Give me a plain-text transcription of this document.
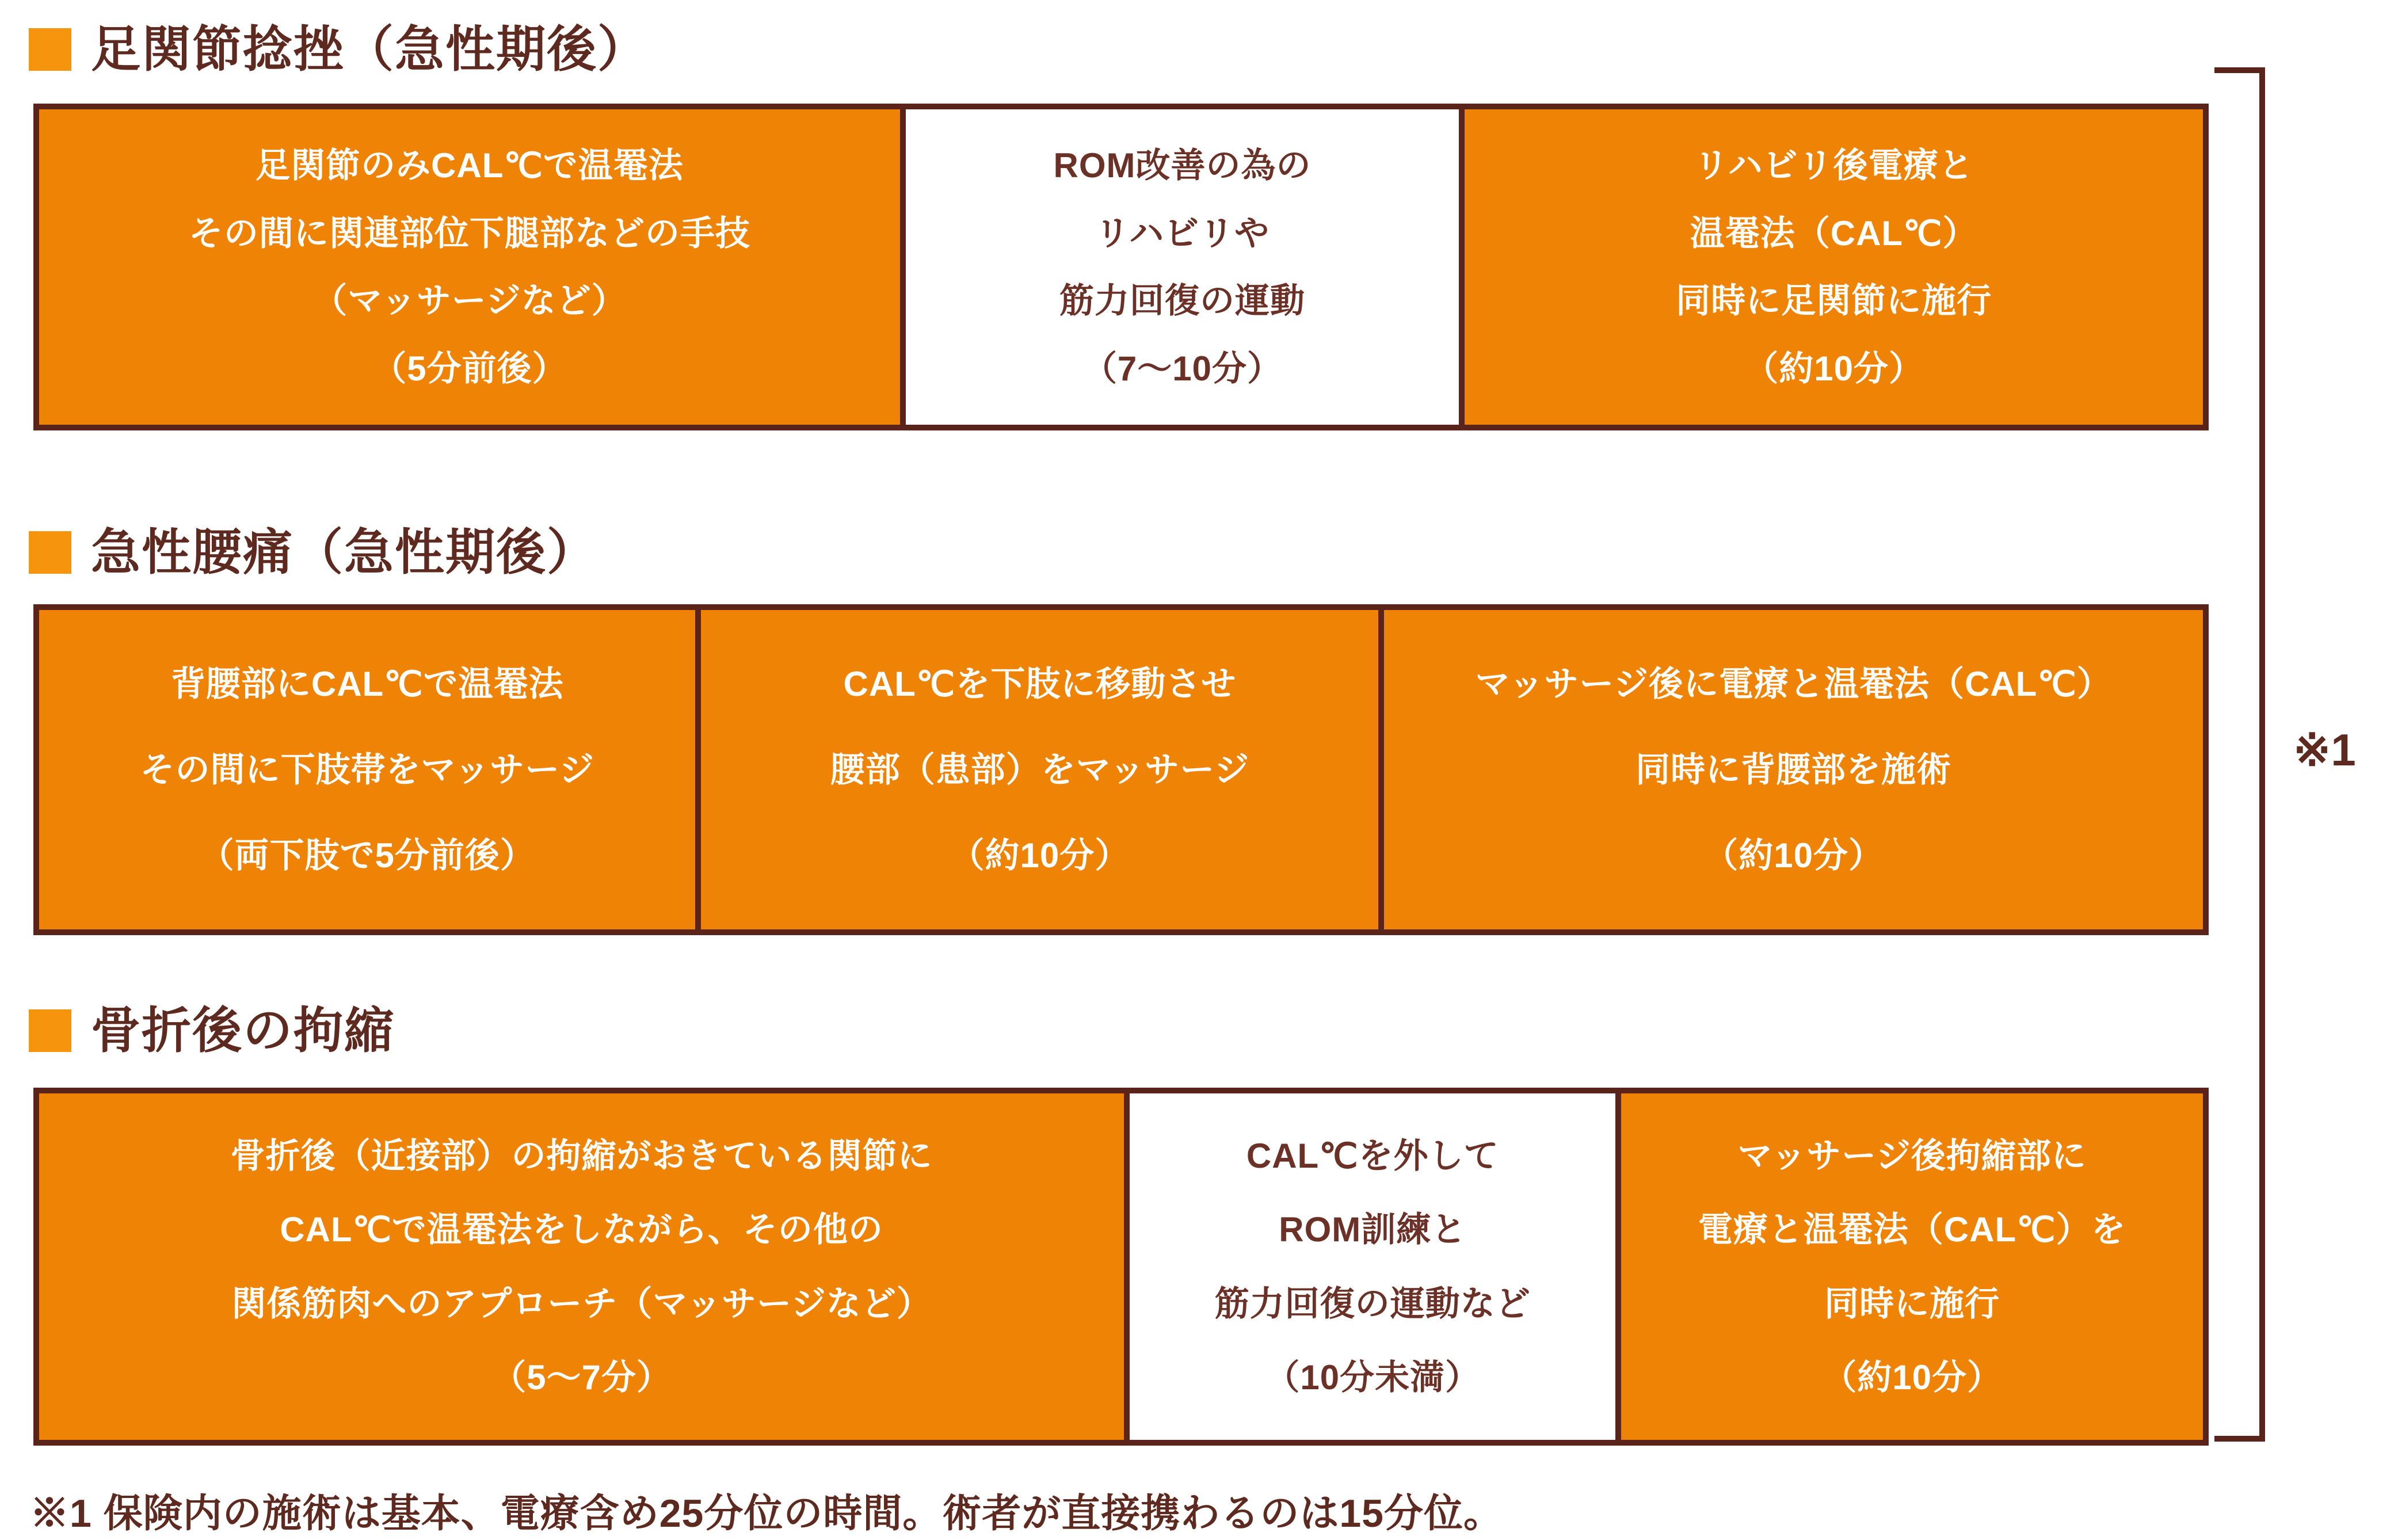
足関節捻挫（急性期後）
足関節のみCAL℃で温罨法
その間に関連部位下腿部などの手技
（マッサージなど）
（5分前後）
ROM改善の為の
リハビリや
筋力回復の運動
（7～10分）
リハビリ後電療と
温罨法（CAL℃）
同時に足関節に施行
（約10分）
急性腰痛（急性期後）
背腰部にCAL℃で温罨法
その間に下肢帯をマッサージ
（両下肢で5分前後）
CAL℃を下肢に移動させ
腰部（患部）をマッサージ
（約10分）
マッサージ後に電療と温罨法（CAL℃）
同時に背腰部を施術
（約10分）
骨折後の拘縮
骨折後（近接部）の拘縮がおきている関節に
CAL℃で温罨法をしながら、その他の
関係筋肉へのアプローチ（マッサージなど）
（5～7分）
CAL℃を外して
ROM訓練と
筋力回復の運動など
（10分未満）
マッサージ後拘縮部に
電療と温罨法（CAL℃）を
同時に施行
（約10分）
※1
※1 保険内の施術は基本、電療含め25分位の時間。術者が直接携わるのは15分位。
